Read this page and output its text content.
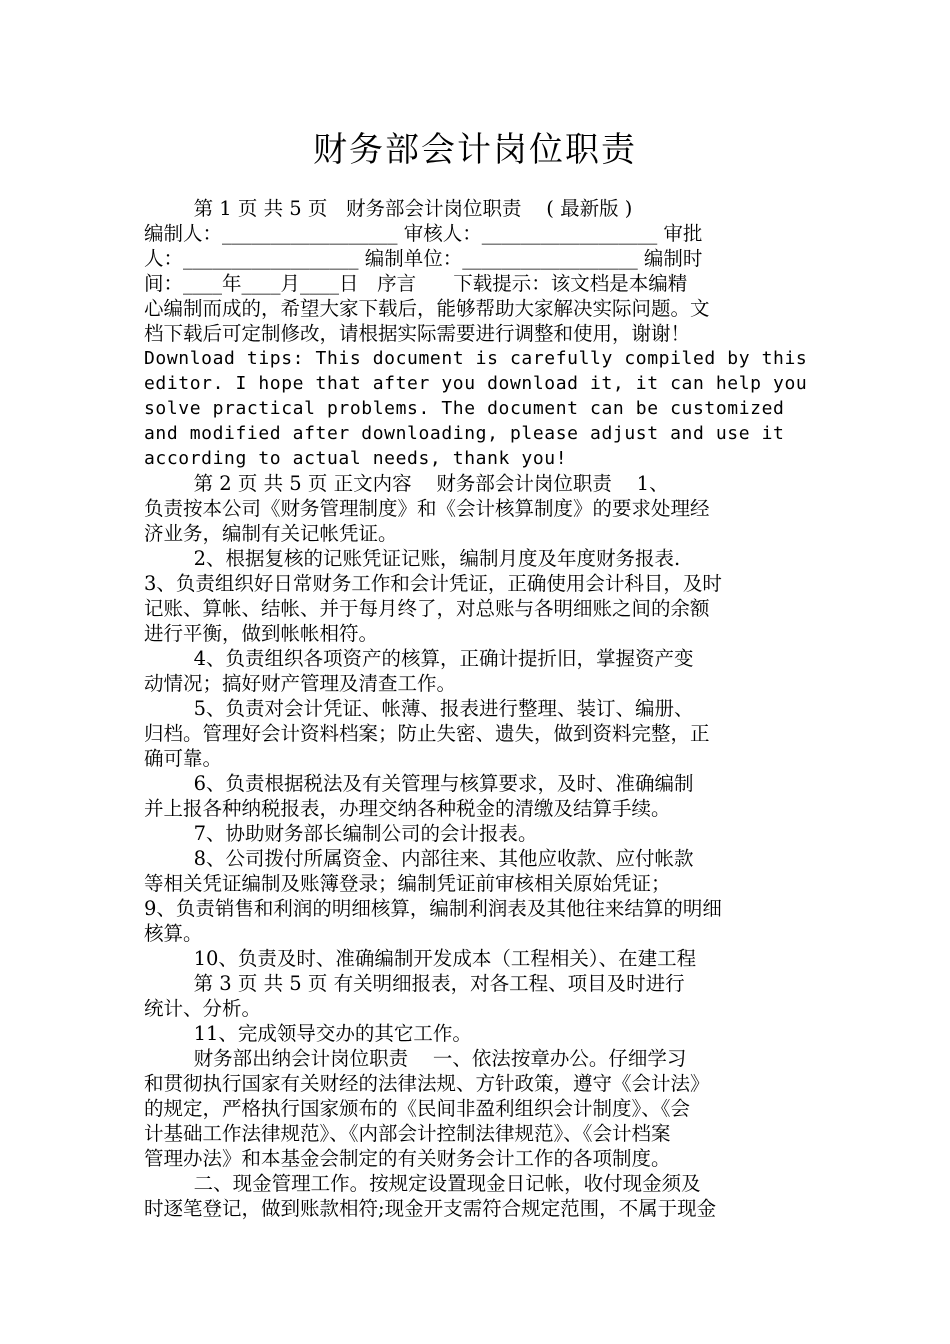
财务部会计岗位职责
第 1 页 共 5 页   财务部会计岗位职责    ( 最新版 )
编制人：__________________ 审核人：__________________ 审批
人：__________________ 编制单位：__________________ 编制时
间：____年____月____日   序言      下载提示：该文档是本编精
心编制而成的，希望大家下载后，能够帮助大家解决实际问题。文
档下载后可定制修改，请根据实际需要进行调整和使用，谢谢！
Download tips: This document is carefully compiled by this
editor. I hope that after you download it, it can help you
solve practical problems. The document can be customized
and modified after downloading, please adjust and use it
according to actual needs, thank you!
第 2 页 共 5 页 正文内容    财务部会计岗位职责    1、
负责按本公司《财务管理制度》和《会计核算制度》的要求处理经
济业务，编制有关记帐凭证。
2、根据复核的记账凭证记账，编制月度及年度财务报表.
3、负责组织好日常财务工作和会计凭证，正确使用会计科目，及时
记账、算帐、结帐、并于每月终了，对总账与各明细账之间的余额
进行平衡，做到帐帐相符。
4、负责组织各项资产的核算，正确计提折旧，掌握资产变
动情况；搞好财产管理及清查工作。
5、负责对会计凭证、帐薄、报表进行整理、装订、编册、
归档。管理好会计资料档案；防止失密、遗失，做到资料完整，正
确可靠。
6、负责根据税法及有关管理与核算要求，及时、准确编制
并上报各种纳税报表，办理交纳各种税金的清缴及结算手续。
7、协助财务部长编制公司的会计报表。
8、公司拨付所属资金、内部往来、其他应收款、应付帐款
等相关凭证编制及账簿登录；编制凭证前审核相关原始凭证；
9、负责销售和利润的明细核算，编制利润表及其他往来结算的明细
核算。
10、负责及时、准确编制开发成本（工程相关）、在建工程
第 3 页 共 5 页 有关明细报表，对各工程、项目及时进行
统计、分析。
11、完成领导交办的其它工作。
财务部出纳会计岗位职责    一、依法按章办公。仔细学习
和贯彻执行国家有关财经的法律法规、方针政策，遵守《会计法》
的规定，严格执行国家颁布的《民间非盈利组织会计制度》、《会
计基础工作法律规范》、《内部会计控制法律规范》、《会计档案
管理办法》和本基金会制定的有关财务会计工作的各项制度。
二、现金管理工作。按规定设置现金日记帐，收付现金须及
时逐笔登记，做到账款相符;现金开支需符合规定范围，不属于现金
